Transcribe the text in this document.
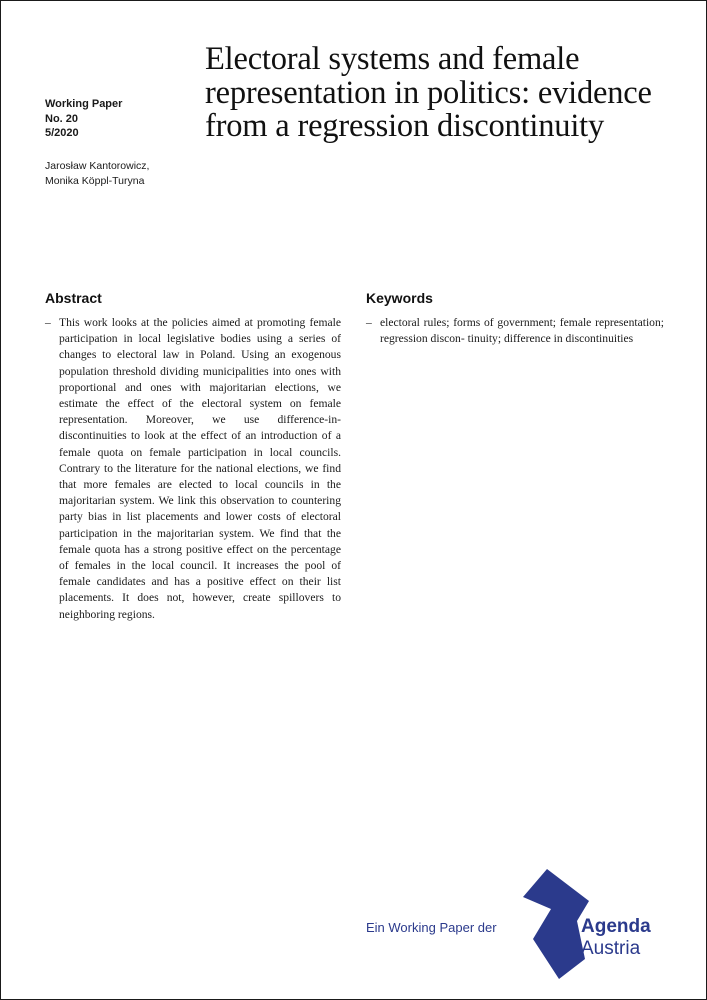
Working Paper
No. 20
5/2020
Jarosław Kantorowicz,
Monika Köppl-Turyna
Electoral systems and female representation in politics: evidence from a regression discontinuity
Abstract
– This work looks at the policies aimed at promoting female participation in local legislative bodies using a series of changes to electoral law in Poland. Using an exogenous population threshold dividing municipalities into ones with proportional and ones with majoritarian elections, we estimate the effect of the electoral system on female representation. Moreover, we use difference-in-discontinuities to look at the effect of an introduction of a female quota on female participation in local councils. Contrary to the literature for the national elections, we find that more females are elected to local councils in the majoritarian system. We link this observation to countering party bias in list placements and lower costs of electoral participation in the majoritarian system. We find that the female quota has a strong positive effect on the percentage of females in the local council. It increases the pool of female candidates and has a positive effect on their list placements. It does not, however, create spillovers to neighboring regions.
Keywords
– electoral rules; forms of government; female representation; regression discon- tinuity; difference in discontinuities
Ein Working Paper der	Agenda
Austria
